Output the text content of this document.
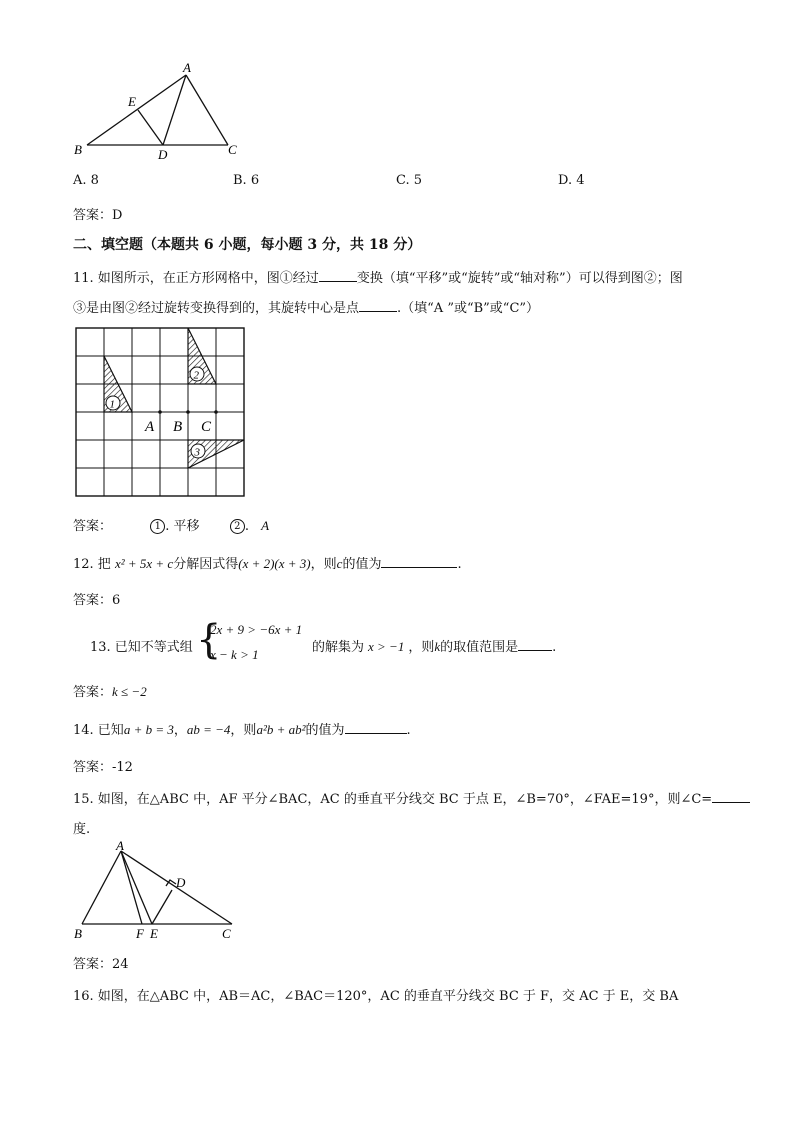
A
E
B	D	C
A. 8	B. 6	C. 5	D. 4
答案：D
二、填空题（本题共 6 小题，每小题 3 分，共 18 分）
11. 如图所示，在正方形网格中，图①经过	变换（填“平移”或“旋转”或“轴对称”）可以得到图②；图
③是由图②经过旋转变换得到的，其旋转中心是点	.（填“A ”或“B”或“C”）
1
2
3
A B C
答案：	1 . 平移	2 . A
12. 把 x² + 5x + c分解因式得(x + 2)(x + 3)，则c的值为	.
答案：6
13. 已知不等式组 {
2x + 9 > −6x + 1
x − k > 1	的解集为 x > −1 ，则k的取值范围是	.
答案：k ≤ −2
14. 已知a + b = 3，ab = −4，则a²b + ab²的值为	.
答案：-12
15. 如图，在△ABC 中，AF 平分∠BAC，AC 的垂直平分线交 BC 于点 E，∠B=70°，∠FAE=19°，则∠C=
度.
A
D
B	F E	C
答案：24
16. 如图，在△ABC 中，AB＝AC，∠BAC＝120°，AC 的垂直平分线交 BC 于 F，交 AC 于 E，交 BA
